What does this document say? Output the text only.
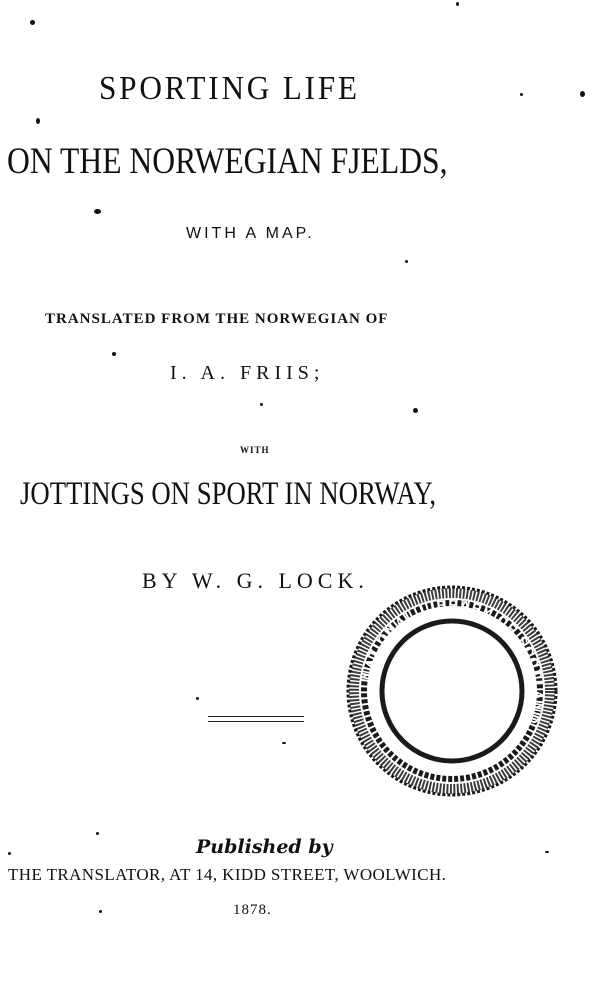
SPORTING LIFE
ON THE NORWEGIAN FJELDS,
WITH A MAP.
TRANSLATED FROM THE NORWEGIAN OF
I. A. FRIIS;
WITH
JOTTINGS ON SPORT IN NORWAY,
BY W. G. LOCK.
NATIONAL LIBRARY OF SCOTLAND
Published by
THE TRANSLATOR, AT 14, KIDD STREET, WOOLWICH.
1878.
